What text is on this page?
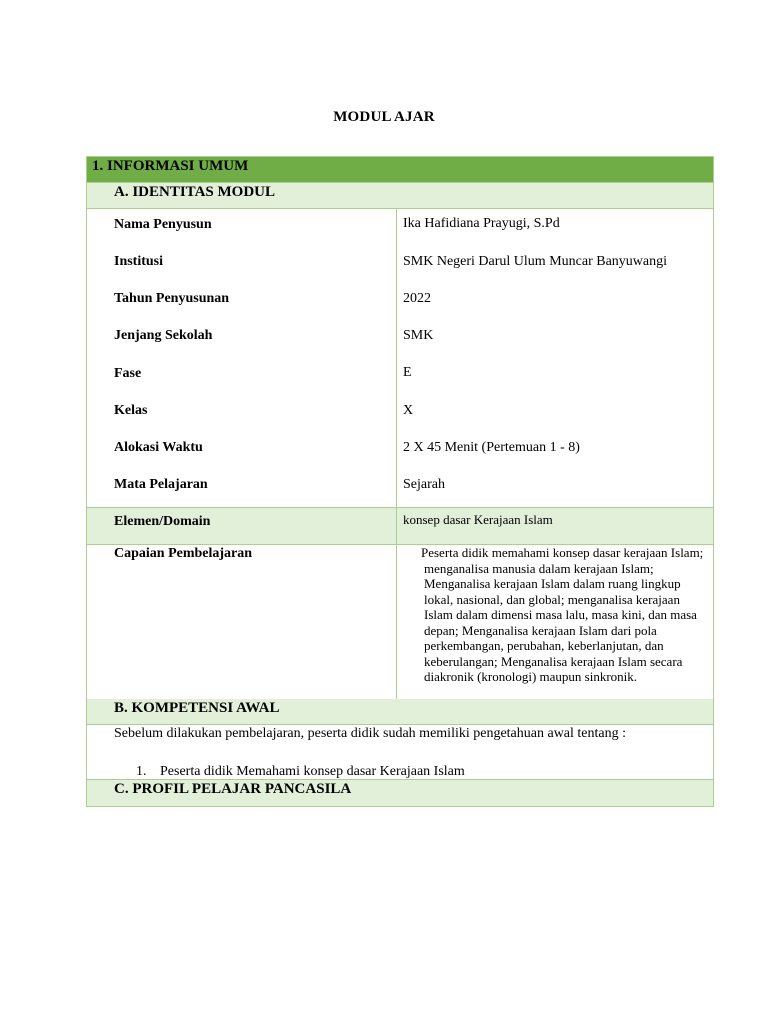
MODUL AJAR
1. INFORMASI UMUM
A. IDENTITAS MODUL
Nama Penyusun	Ika Hafidiana Prayugi, S.Pd
Institusi	SMK Negeri Darul Ulum Muncar Banyuwangi
Tahun Penyusunan	2022
Jenjang Sekolah	SMK
Fase	E
Kelas	X
Alokasi Waktu	2 X 45 Menit (Pertemuan 1 - 8)
Mata Pelajaran	Sejarah
Elemen/Domain	konsep dasar Kerajaan Islam
Capaian Pembelajaran	Peserta didik memahami konsep dasar kerajaan Islam; menganalisa manusia dalam kerajaan Islam; Menganalisa kerajaan Islam dalam ruang lingkup lokal, nasional, dan global; menganalisa kerajaan Islam dalam dimensi masa lalu, masa kini, dan masa depan; Menganalisa kerajaan Islam dari pola perkembangan, perubahan, keberlanjutan, dan keberulangan; Menganalisa kerajaan Islam secara diakronik (kronologi) maupun sinkronik.
B. KOMPETENSI AWAL
Sebelum dilakukan pembelajaran, peserta didik sudah memiliki pengetahuan awal tentang :
1. Peserta didik Memahami konsep dasar Kerajaan Islam
C. PROFIL PELAJAR PANCASILA
